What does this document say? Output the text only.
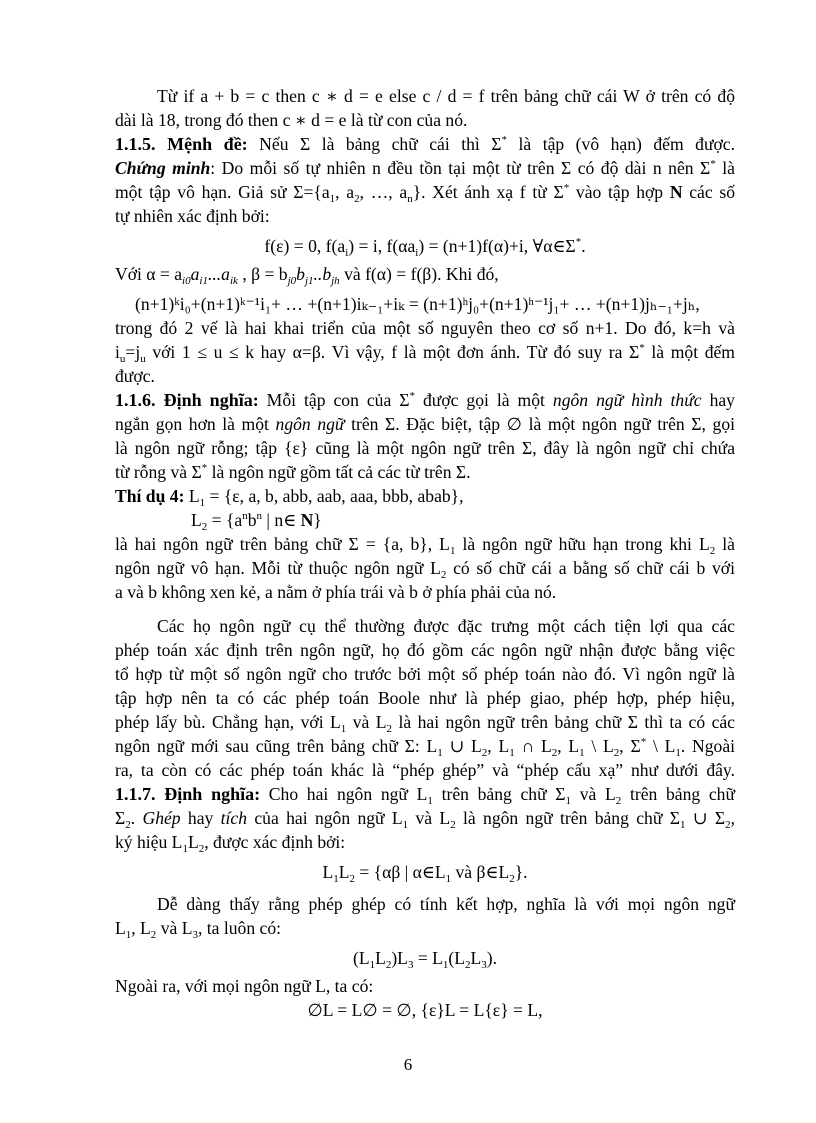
Từ if a + b = c then c ∗ d = e else c / d = f trên bảng chữ cái W ở trên có độ
dài là 18, trong đó then c ∗ d = e là từ con của nó.
1.1.5. Mệnh đề: Nếu Σ là bảng chữ cái thì Σ* là tập (vô hạn) đếm được.
Chứng minh: Do mỗi số tự nhiên n đều tồn tại một từ trên Σ có độ dài n nên Σ* là
một tập vô hạn. Giả sử $\Sigma=\{a_1$, $a_2$, …, $a_n$}. Xét ánh xạ f từ Σ* vào tập hợp N các số
tự nhiên xác định bởi:
f(ε) = 0, $f(a_i) = i$, $f(\alpha a_i) = (n+1)f(\alpha)+i$, ∀α∈Σ*.
Với $\alpha = a_{i0}a_{i1}...a_{ik}$ , $\beta = b_{j0}b_{j1}..b_{jh}$ và f(α) = f(β). Khi đó,
(n+1)ᵏi₀+(n+1)ᵏ⁻¹i₁+ … +(n+1)iₖ₋₁+iₖ = (n+1)ʰj₀+(n+1)ʰ⁻¹j₁+ … +(n+1)jₕ₋₁+jₕ,
trong đó 2 vế là hai khai triển của một số nguyên theo cơ số n+1. Do đó, k=h và
$i_u=j_u$ với 1 ≤ u ≤ k hay α=β. Vì vậy, f là một đơn ánh. Từ đó suy ra Σ* là một đếm
được.
1.1.6. Định nghĩa: Mỗi tập con của Σ* được gọi là một ngôn ngữ hình thức hay
ngắn gọn hơn là một ngôn ngữ trên Σ. Đặc biệt, tập ∅ là một ngôn ngữ trên Σ, gọi
là ngôn ngữ rỗng; tập {ε} cũng là một ngôn ngữ trên Σ, đây là ngôn ngữ chỉ chứa
từ rỗng và Σ* là ngôn ngữ gồm tất cả các từ trên Σ.
Thí dụ 4: $L_1 = \{\varepsilon$, a, b, abb, aab, aaa, bbb, abab},
$L_2 = \{a^nb^n$ | n∈ N}
là hai ngôn ngữ trên bảng chữ Σ = {a, b}, $L_1$ là ngôn ngữ hữu hạn trong khi $L_2$ là
ngôn ngữ vô hạn. Mỗi từ thuộc ngôn ngữ $L_2$ có số chữ cái a bằng số chữ cái b với
a và b không xen kẻ, a nằm ở phía trái và b ở phía phải của nó.
Các họ ngôn ngữ cụ thể thường được đặc trưng một cách tiện lợi qua các
phép toán xác định trên ngôn ngữ, họ đó gồm các ngôn ngữ nhận được bằng việc
tổ hợp từ một số ngôn ngữ cho trước bởi một số phép toán nào đó. Vì ngôn ngữ là
tập hợp nên ta có các phép toán Boole như là phép giao, phép hợp, phép hiệu,
phép lấy bù. Chẳng hạn, với $L_1$ và $L_2$ là hai ngôn ngữ trên bảng chữ Σ thì ta có các
ngôn ngữ mới sau cũng trên bảng chữ Σ: $L_1$ ∪ $L_2$, $L_1$ ∩ $L_2$, $L_1$ \ $L_2$, Σ* \ $L_1$. Ngoài
ra, ta còn có các phép toán khác là “phép ghép” và “phép cấu xạ” như dưới đây.
1.1.7. Định nghĩa: Cho hai ngôn ngữ $L_1$ trên bảng chữ $\Sigma_1$ và $L_2$ trên bảng chữ
$\Sigma_2$. Ghép hay tích của hai ngôn ngữ $L_1$ và $L_2$ là ngôn ngữ trên bảng chữ $\Sigma_1$ ∪ $\Sigma_2$,
ký hiệu $L_1L_2$, được xác định bởi:
$L_1L_2 = \{\alpha\beta$ | $\alpha\in L_1$ và $\beta\in L_2$}.
Dễ dàng thấy rằng phép ghép có tính kết hợp, nghĩa là với mọi ngôn ngữ
$L_1$, $L_2$ và $L_3$, ta luôn có:
$(L_1L_2)L_3 = L_1(L_2L_3)$.
Ngoài ra, với mọi ngôn ngữ L, ta có:
∅L = L∅ = ∅, {ε}L = L{ε} = L,
6
